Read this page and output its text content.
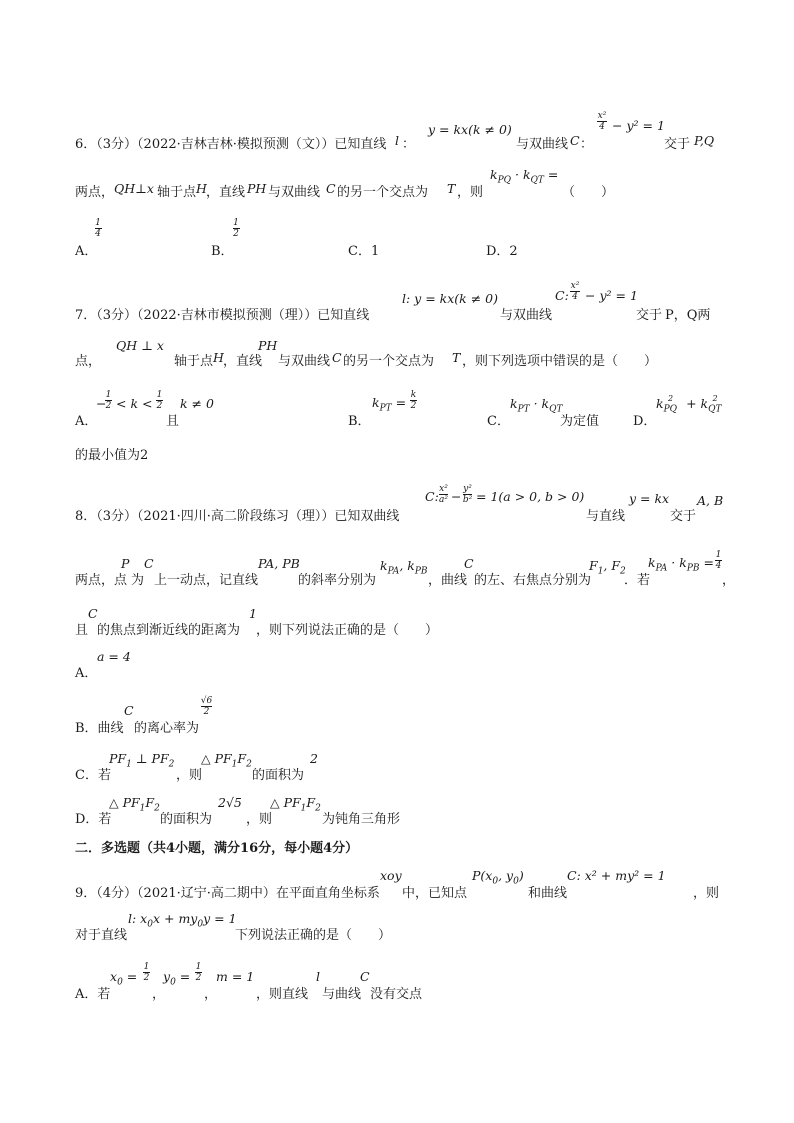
6．（3分）（2022·吉林吉林·模拟预测（文））已知直线 l ：
y = kx(k ≠ 0)
与双曲线 C ：
x²
4 − y² = 1
交于 P,Q
两点， QH⊥x 轴于点 H ，直线 PH 与双曲线 C 的另一个交点为 T ，则
$k_{PQ} \cdot k_{QT}$ =
（　　）
A．
1
4
B．
1
2
C．1	D．2
7．（3分）（2022·吉林市模拟预测（理））已知直线
l: y = kx(k ≠ 0)
与双曲线
C:
x²
4 − y² = 1
交于 P，Q两
点，
QH ⊥ x
轴于点 H ，直线
PH
与双曲线 C 的另一个交点为 T ，则下列选项中错误的是（　　）
A．
−
1
2 < k <
1
2
且
k ≠ 0
B．
$k_{PT} = k$
2
C．
$k_{PT} \cdot k_{QT}$
为定值	D．
$k_{PQ}^2 + k_{QT}^2$
的最小值为2
8．（3分）（2021·四川·高二阶段练习（理））已知双曲线
C: x²
a² − y²
b² = 1(a > 0, b > 0)
与直线
y = kx
交于
A, B
两点，点
P
为
C
上一动点，记直线
PA, PB
的斜率分别为
$k_{PA}$, $k_{PB}$
，曲线
C
的左、右焦点分别为
$F_1$, $F_2$
．若
$k_{PA} \cdot k_{PB} = 1$
4
，
且
C
的焦点到渐近线的距离为
1
，则下列说法正确的是（　　）
A．
a = 4
B．曲线
C
的离心率为
√6
2
C．若
$PF_1$ ⊥ $PF_2$
，则
△ $PF_1F_2$
的面积为
2
D．若
△ $PF_1F_2$
的面积为
2√5
，则
△ $PF_1F_2$
为钝角三角形
二．多选题（共4小题，满分16分，每小题4分）
9．（4分）（2021·辽宁·高二期中）在平面直角坐标系
xoy
中，已知点
$P(x_0$, $y_0$)
和曲线
C: x² + my² = 1
，则
对于直线
l: $x_0x + my_0y = 1$
下列说法正确的是（　　）
A．若
$x_0$ =
1
2
，
$y_0$ =
1
2
，
m = 1
，则直线
l
与曲线
C
没有交点
